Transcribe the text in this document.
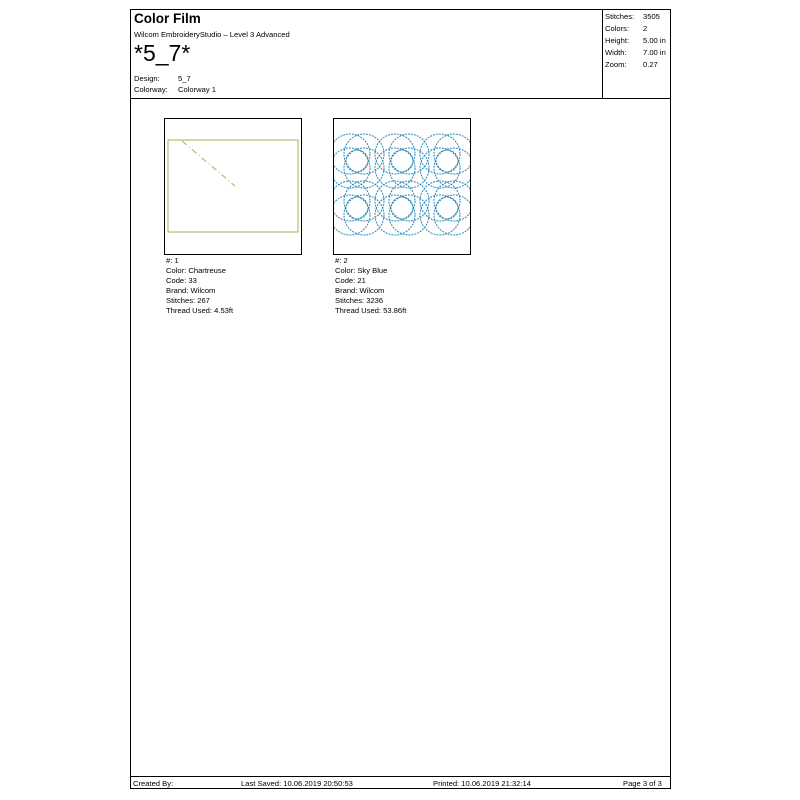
Color Film
Wilcom EmbroideryStudio – Level 3 Advanced
*5_7*
Design: 5_7
Colorway: Colorway 1
Stitches: 3505
Colors: 2
Height: 5.00 in
Width: 7.00 in
Zoom: 0.27
#: 1
Color: Chartreuse
Code: 33
Brand: Wilcom
Stitches: 267
Thread Used: 4.53ft
#: 2
Color: Sky Blue
Code: 21
Brand: Wilcom
Stitches: 3236
Thread Used: 53.86ft
Created By:	Last Saved: 10.06.2019 20:50:53	Printed: 10.06.2019 21:32:14	Page 3 of 3
